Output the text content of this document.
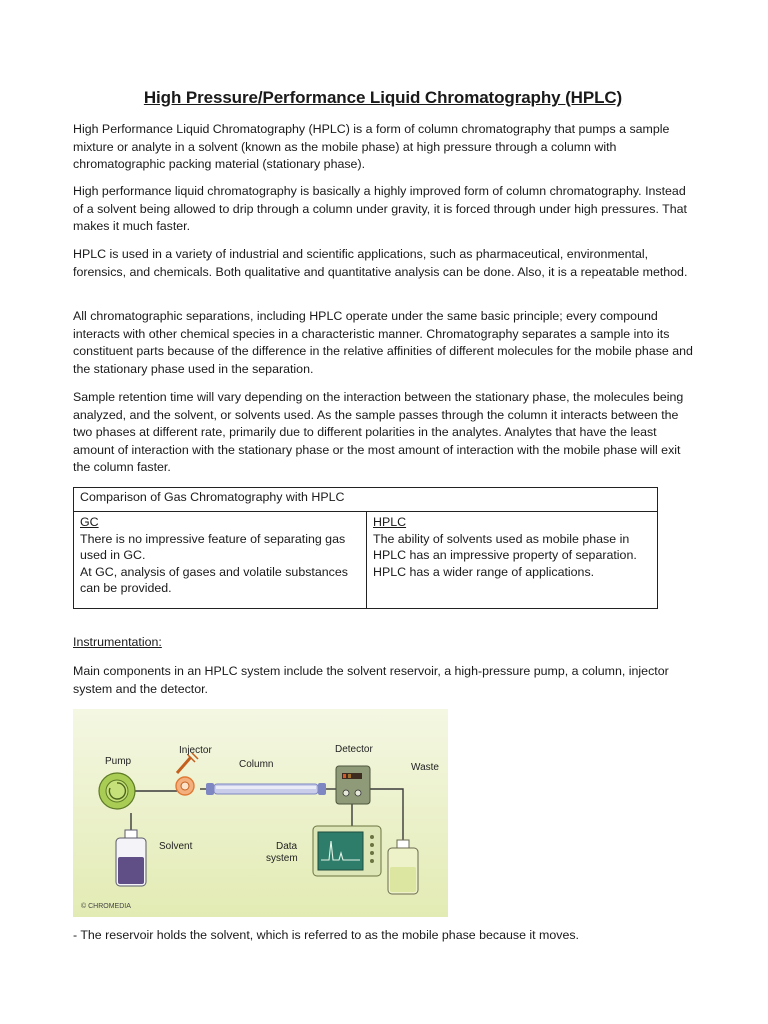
High Pressure/Performance Liquid Chromatography (HPLC)

High Performance Liquid Chromatography (HPLC) is a form of column chromatography that pumps a sample mixture or analyte in a solvent (known as the mobile phase) at high pressure through a column with chromatographic packing material (stationary phase).

High performance liquid chromatography is basically a highly improved form of column chromatography. Instead of a solvent being allowed to drip through a column under gravity, it is forced through under high pressures. That makes it much faster.

HPLC is used in a variety of industrial and scientific applications, such as pharmaceutical, environmental, forensics, and chemicals. Both qualitative and quantitative analysis can be done. Also, it is a repeatable method.

All chromatographic separations, including HPLC operate under the same basic principle; every compound interacts with other chemical species in a characteristic manner. Chromatography separates a sample into its constituent parts because of the difference in the relative affinities of different molecules for the mobile phase and the stationary phase used in the separation.

Sample retention time will vary depending on the interaction between the stationary phase, the molecules being analyzed, and the solvent, or solvents used. As the sample passes through the column it interacts between the two phases at different rate, primarily due to different polarities in the analytes. Analytes that have the least amount of interaction with the stationary phase or the most amount of interaction with the mobile phase will exit the column faster.

Comparison of Gas Chromatography with HPLC
GC
There is no impressive feature of separating gas used in GC.
At GC, analysis of gases and volatile substances can be provided.
HPLC
The ability of solvents used as mobile phase in HPLC has an impressive property of separation.
HPLC has a wider range of applications.

Instrumentation:

Main components in an HPLC system include the solvent reservoir, a high-pressure pump, a column, injector system and the detector.

Pump
Injector
Column
Detector
Waste
Solvent	Data
system
© CHROMEDIA

- The reservoir holds the solvent, which is referred to as the mobile phase because it moves.
